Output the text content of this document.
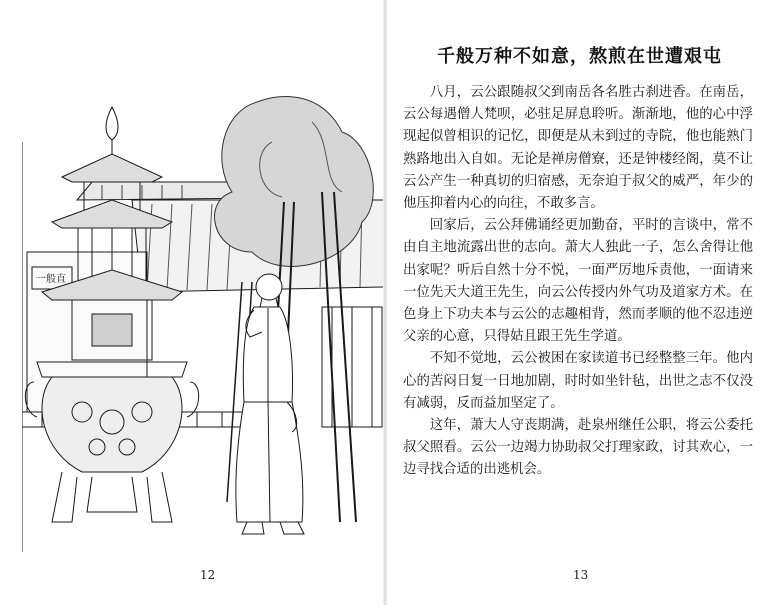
一般直
12
千般万种不如意，熬煎在世遭艰屯

八月，云公跟随叔父到南岳各名胜古刹进香。在南岳，云公每遇僧人梵呗，必驻足屏息聆听。渐渐地，他的心中浮现起似曾相识的记忆，即便是从未到过的寺院，他也能熟门熟路地出入自如。无论是禅房僧寮，还是钟楼经阁，莫不让云公产生一种真切的归宿感，无奈迫于叔父的威严，年少的他压抑着内心的向往，不敢多言。

回家后，云公拜佛诵经更加勤奋，平时的言谈中，常不由自主地流露出世的志向。萧大人独此一子，怎么舍得让他出家呢？听后自然十分不悦，一面严厉地斥责他，一面请来一位先天大道王先生，向云公传授内外气功及道家方术。在色身上下功夫本与云公的志趣相背，然而孝顺的他不忍违逆父亲的心意，只得姑且跟王先生学道。

不知不觉地，云公被困在家读道书已经整整三年。他内心的苦闷日复一日地加剧，时时如坐针毡，出世之志不仅没有减弱，反而益加坚定了。

这年，萧大人守丧期满，赴泉州继任公职，将云公委托叔父照看。云公一边竭力协助叔父打理家政，讨其欢心，一边寻找合适的出逃机会。

13
